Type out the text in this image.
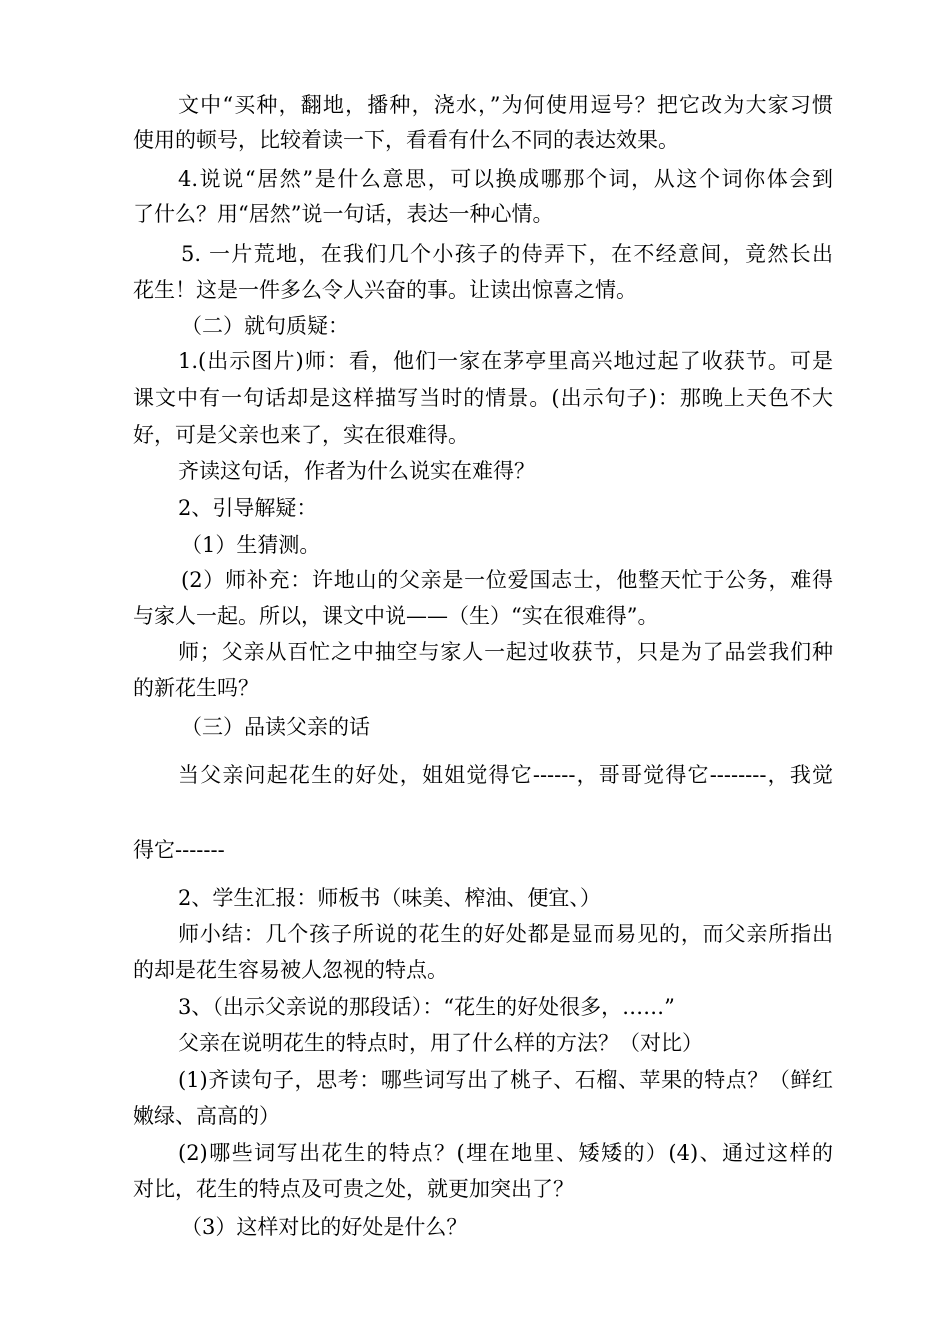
文中“买种，翻地，播种，浇水，”为何使用逗号？把它改为大家习惯
使用的顿号，比较着读一下，看看有什么不同的表达效果。
4.说说“居然”是什么意思，可以换成哪那个词，从这个词你体会到
了什么？用“居然”说一句话，表达一种心情。
5. 一片荒地，在我们几个小孩子的侍弄下，在不经意间，竟然长出
花生！这是一件多么令人兴奋的事。让读出惊喜之情。
（二）就句质疑：
1.(出示图片)师：看，他们一家在茅亭里高兴地过起了收获节。可是
课文中有一句话却是这样描写当时的情景。(出示句子)：那晚上天色不大
好，可是父亲也来了，实在很难得。
齐读这句话，作者为什么说实在难得？
2、引导解疑：
（1）生猜测。
(2）师补充：许地山的父亲是一位爱国志士，他整天忙于公务，难得
与家人一起。所以，课文中说——（生）“实在很难得”。
师；父亲从百忙之中抽空与家人一起过收获节，只是为了品尝我们种
的新花生吗？
（三）品读父亲的话
当父亲问起花生的好处，姐姐觉得它------，哥哥觉得它--------，我觉
得它-------
2、学生汇报：师板书（味美、榨油、便宜、）
师小结：几个孩子所说的花生的好处都是显而易见的，而父亲所指出
的却是花生容易被人忽视的特点。
3、（出示父亲说的那段话）：“花生的好处很多，……”
父亲在说明花生的特点时，用了什么样的方法？（对比）
(1)齐读句子，思考：哪些词写出了桃子、石榴、苹果的特点？（鲜红
嫩绿、高高的）
(2)哪些词写出花生的特点？(埋在地里、矮矮的）(4)、通过这样的
对比，花生的特点及可贵之处，就更加突出了？
（3）这样对比的好处是什么？
